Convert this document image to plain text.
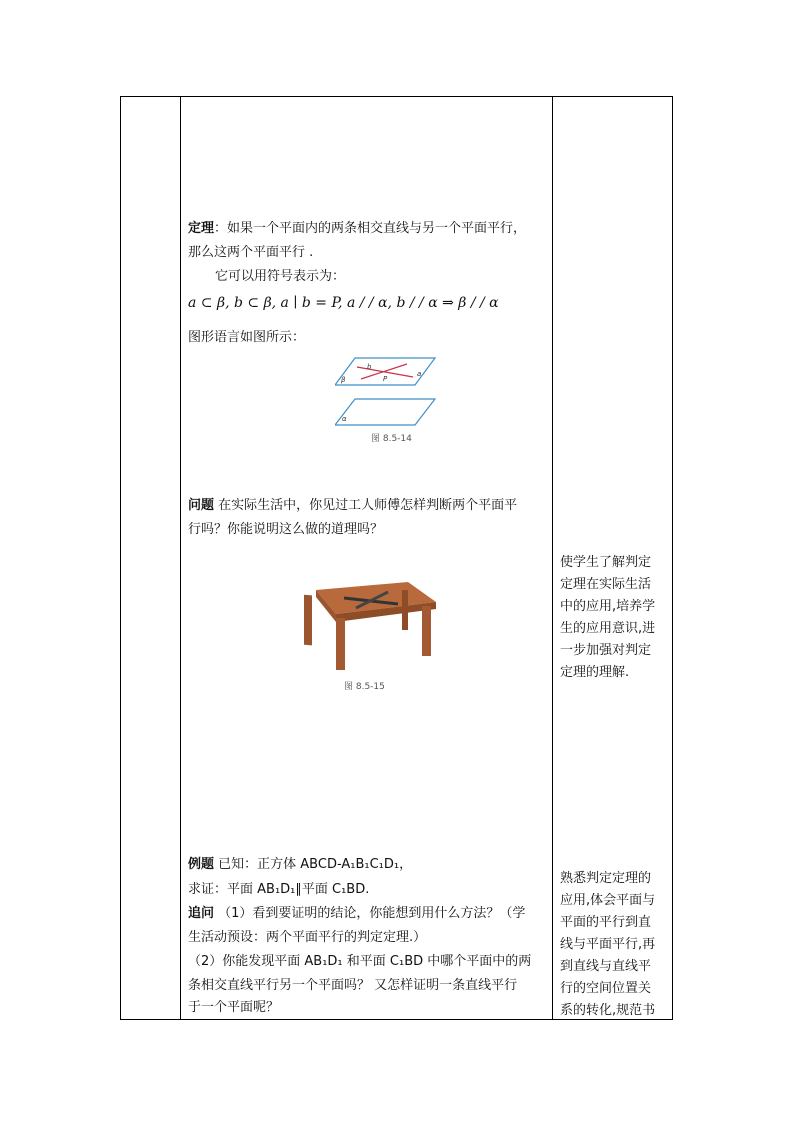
定理：如果一个平面内的两条相交直线与另一个平面平行，
那么这两个平面平行 .
它可以用符号表示为：
a ⊂ β, b ⊂ β, a ∣ b = P, a / / α, b / / α ⇒ β / / α
图形语言如图所示：
β
α
a
b
P
图 8.5-14
问题 在实际生活中，你见过工人师傅怎样判断两个平面平
行吗？你能说明这么做的道理吗？
图 8.5-15
使学生了解判定
定理在实际生活
中的应用,培养学
生的应用意识,进
一步加强对判定
定理的理解.
例题 已知：正方体 ABCD-A₁B₁C₁D₁，
求证：平面 AB₁D₁∥平面 C₁BD.
追问 （1）看到要证明的结论，你能想到用什么方法？（学
生活动预设：两个平面平行的判定定理.）
（2）你能发现平面 AB₁D₁ 和平面 C₁BD 中哪个平面中的两
条相交直线平行另一个平面吗？ 又怎样证明一条直线平行
于一个平面呢？
熟悉判定定理的
应用,体会平面与
平面的平行到直
线与平面平行,再
到直线与直线平
行的空间位置关
系的转化,规范书
